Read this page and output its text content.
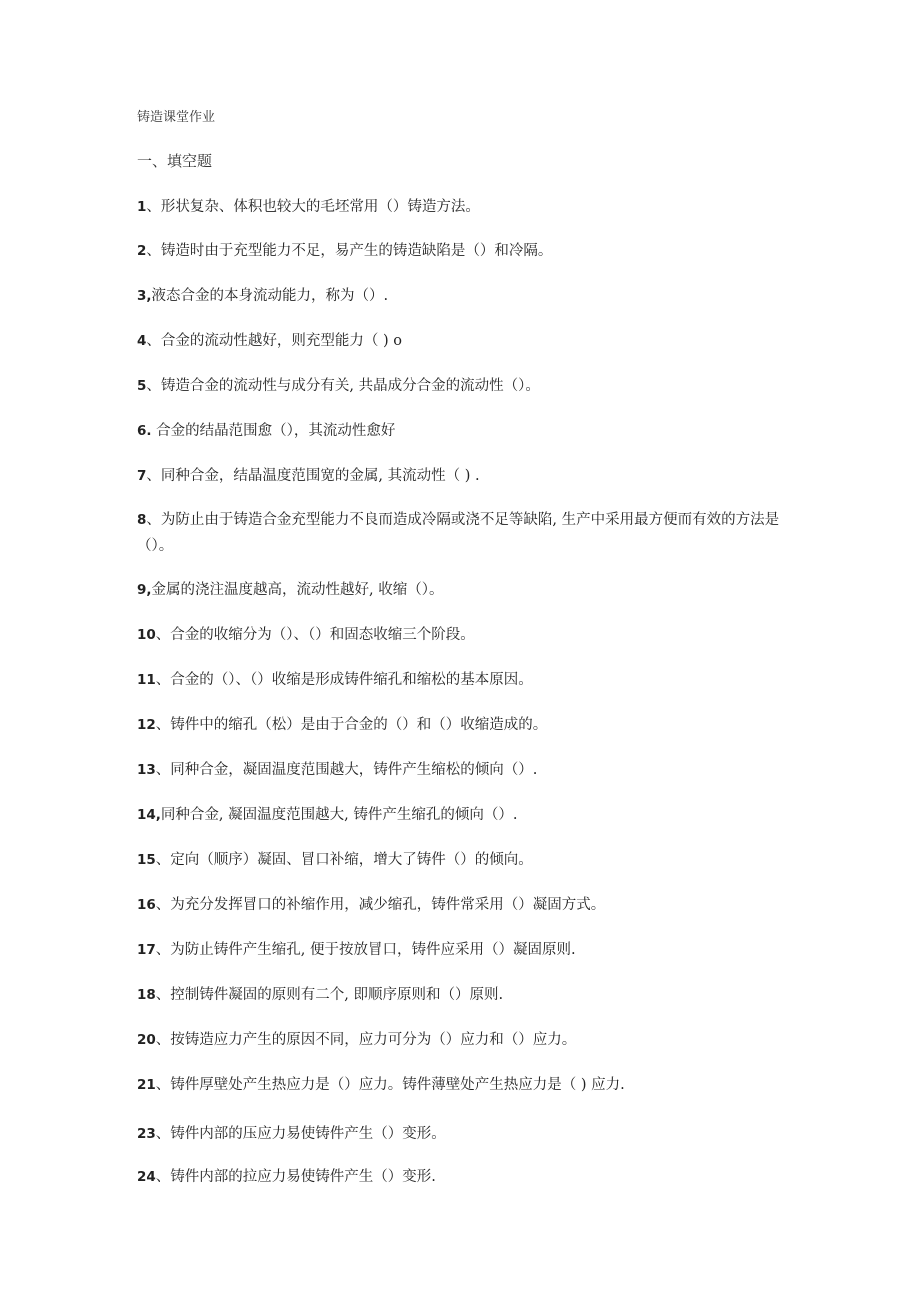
铸造课堂作业
一、填空题
1、形状复杂、体积也较大的毛坯常用（）铸造方法。
2、铸造时由于充型能力不足，易产生的铸造缺陷是（）和冷隔。
3,液态合金的本身流动能力，称为（）.
4、合金的流动性越好，则充型能力（ ) o
5、铸造合金的流动性与成分有关, 共晶成分合金的流动性（）。
6. 合金的结晶范围愈（），其流动性愈好
7、同种合金，结晶温度范围宽的金属, 其流动性（ ) .
8、为防止由于铸造合金充型能力不良而造成冷隔或浇不足等缺陷, 生产中采用最方便而有效的方法是（）。
9,金属的浇注温度越高，流动性越好, 收缩（）。
10、合金的收缩分为（）、（）和固态收缩三个阶段。
11、合金的（）、（）收缩是形成铸件缩孔和缩松的基本原因。
12、铸件中的缩孔（松）是由于合金的（）和（）收缩造成的。
13、同种合金，凝固温度范围越大，铸件产生缩松的倾向（）.
14,同种合金, 凝固温度范围越大, 铸件产生缩孔的倾向（）.
15、定向（顺序）凝固、冒口补缩，增大了铸件（）的倾向。
16、为充分发挥冒口的补缩作用，减少缩孔，铸件常采用（）凝固方式。
17、为防止铸件产生缩孔, 便于按放冒口，铸件应采用（）凝固原则.
18、控制铸件凝固的原则有二个, 即顺序原则和（）原则.
20、按铸造应力产生的原因不同，应力可分为（）应力和（）应力。
21、铸件厚壁处产生热应力是（）应力。铸件薄壁处产生热应力是（ ) 应力.
23、铸件内部的压应力易使铸件产生（）变形。
24、铸件内部的拉应力易使铸件产生（）变形.
